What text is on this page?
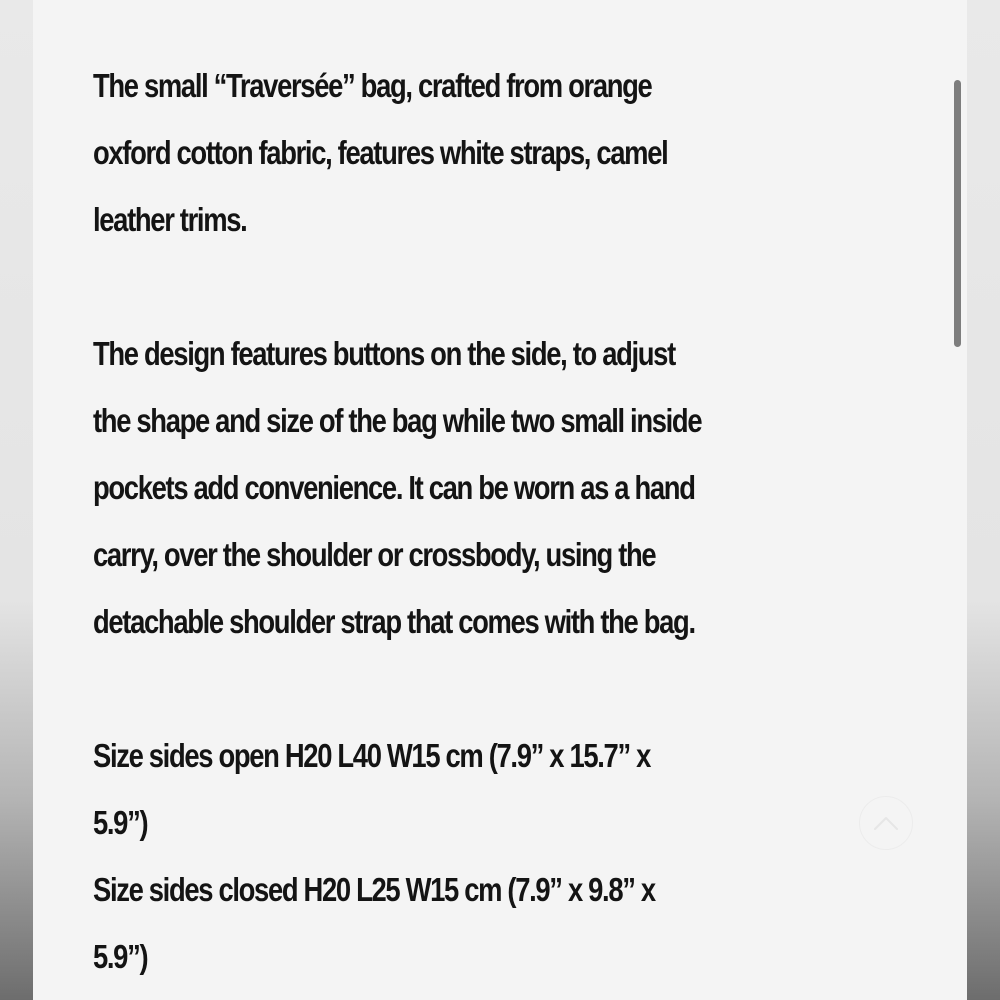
The small “Traversée” bag, crafted from orange oxford cotton fabric, features white straps, camel leather trims.

The design features buttons on the side, to adjust the shape and size of the bag while two small inside pockets add convenience. It can be worn as a hand carry, over the shoulder or crossbody, using the detachable shoulder strap that comes with the bag.

Size sides open H20 L40 W15 cm (7.9” x 15.7” x 5.9”)

Size sides closed H20 L25 W15 cm (7.9” x 9.8” x 5.9”)
